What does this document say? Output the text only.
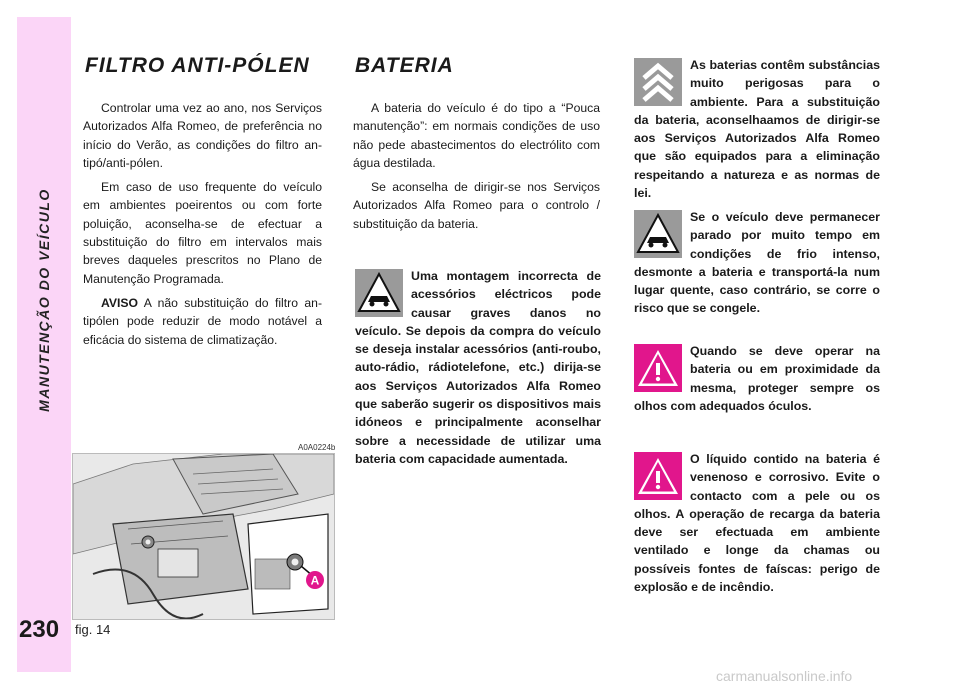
MANUTENÇÃO DO VEÍCULO
230
FILTRO ANTI-PÓLEN

Controlar uma vez ao ano, nos Serviços Autorizados Alfa Romeo, de preferência no início do Verão, as condições do filtro antipó/anti-pólen.

Em caso de uso frequente do veículo em ambientes poeirentos ou com forte poluição, aconselha-se de efectuar a substituição do filtro em intervalos mais breves daqueles prescritos no Plano de Manutenção Programada.

AVISO A não substituição do filtro antipólen pode reduzir de modo notável a eficácia do sistema de climatização.

A0A0224b
A
fig. 14
BATERIA

A bateria do veículo é do tipo a “Pouca manutenção”: em normais condições de uso não pede abastecimentos do electrólito com água destilada.

Se aconselha de dirigir-se nos Serviços Autorizados Alfa Romeo para o controlo / substituição da bateria.

Uma montagem incorrecta de acessórios eléctricos pode causar graves danos no veículo. Se depois da compra do veículo se deseja instalar acessórios (anti-roubo, auto-rádio, rádiotelefone, etc.) dirija-se aos Serviços Autorizados Alfa Romeo que saberão sugerir os dispositivos mais idóneos e principalmente aconselhar sobre a necessidade de utilizar uma bateria com capacidade aumentada.
As baterias contêm substâncias muito perigosas para o ambiente. Para a substituição da bateria, aconselhaamos de dirigir-se aos Serviços Autorizados Alfa Romeo que são equipados para a eliminação respeitando a natureza e as normas de lei.
Se o veículo deve permanecer parado por muito tempo em condições de frio intenso, desmonte a bateria e transportá-la num lugar quente, caso contrário, se corre o risco que se congele.
Quando se deve operar na bateria ou em proximidade da mesma, proteger sempre os olhos com adequados óculos.
O líquido contido na bateria é venenoso e corrosivo. Evite o contacto com a pele ou os olhos. A operação de recarga da bateria deve ser efectuada em ambiente ventilado e longe da chamas ou possíveis fontes de faíscas: perigo de explosão e de incêndio.
carmanualsonline.info
